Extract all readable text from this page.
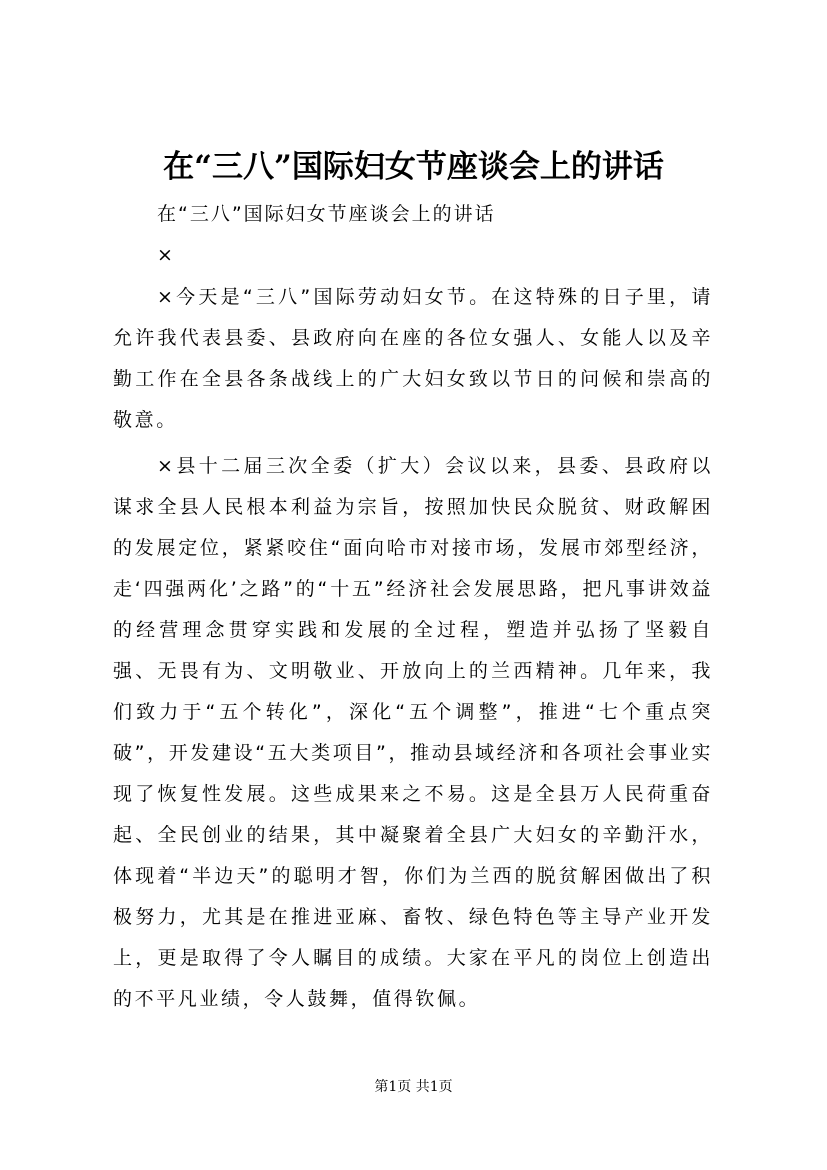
在“三八”国际妇女节座谈会上的讲话
在“三八”国际妇女节座谈会上的讲话
×

×今天是“三八”国际劳动妇女节。在这特殊的日子里，请允许我代表县委、县政府向在座的各位女强人、女能人以及辛勤工作在全县各条战线上的广大妇女致以节日的问候和崇高的敬意。

×县十二届三次全委（扩大）会议以来，县委、县政府以谋求全县人民根本利益为宗旨，按照加快民众脱贫、财政解困的发展定位，紧紧咬住“面向哈市对接市场，发展市郊型经济，走‘四强两化’之路”的“十五”经济社会发展思路，把凡事讲效益的经营理念贯穿实践和发展的全过程，塑造并弘扬了坚毅自强、无畏有为、文明敬业、开放向上的兰西精神。几年来，我们致力于“五个转化”，深化“五个调整”，推进“七个重点突破”，开发建设“五大类项目”，推动县域经济和各项社会事业实现了恢复性发展。这些成果来之不易。这是全县万人民荷重奋起、全民创业的结果，其中凝聚着全县广大妇女的辛勤汗水，体现着“半边天”的聪明才智，你们为兰西的脱贫解困做出了积极努力，尤其是在推进亚麻、畜牧、绿色特色等主导产业开发上，更是取得了令人瞩目的成绩。大家在平凡的岗位上创造出的不平凡业绩，令人鼓舞，值得钦佩。

第1页 共1页
